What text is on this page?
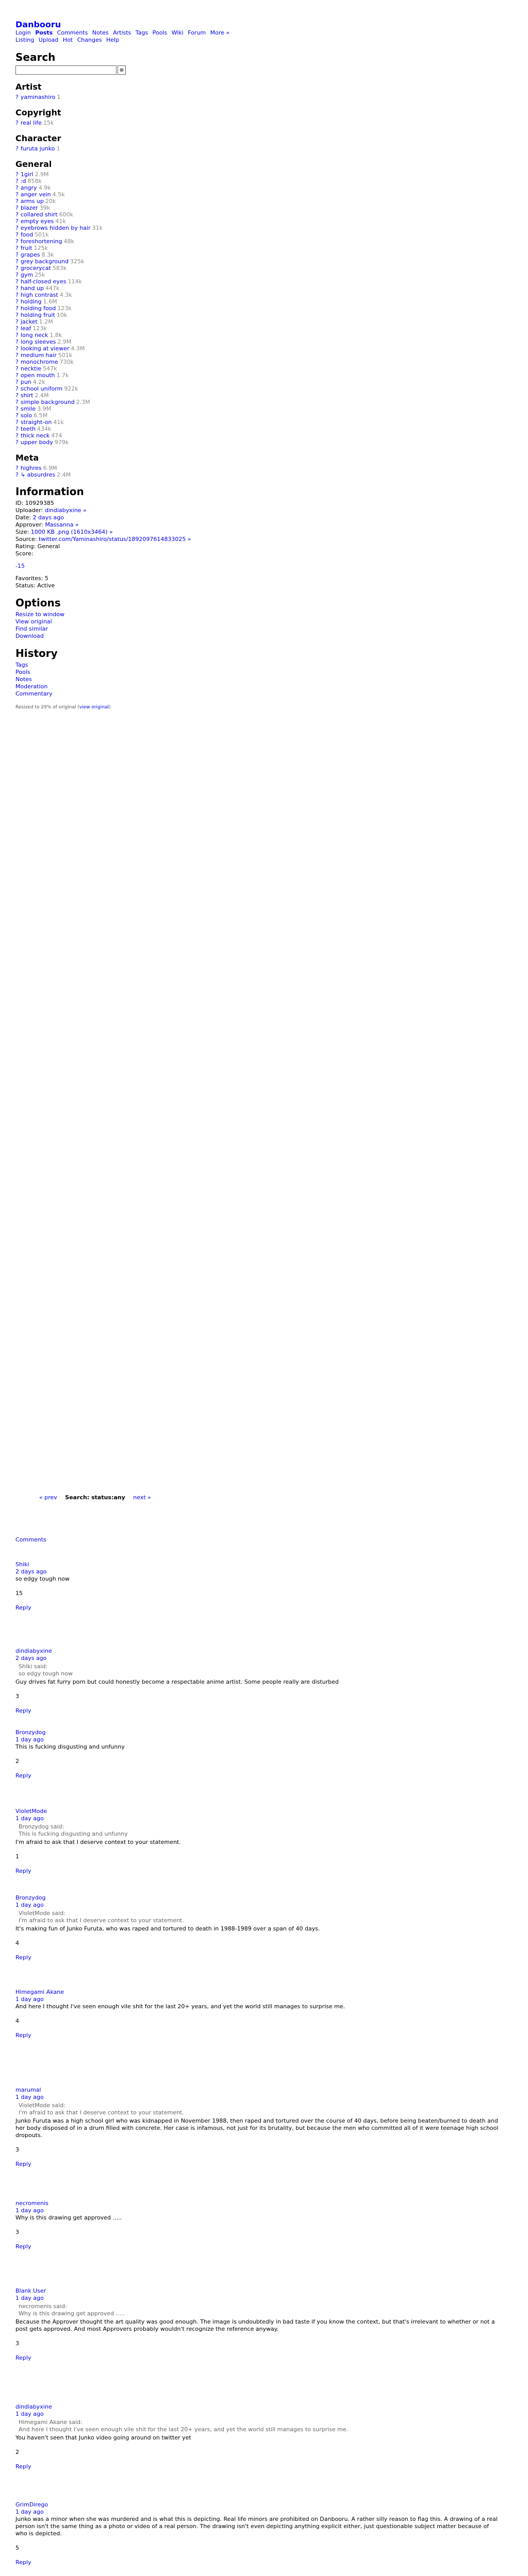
Danbooru
Login Posts Comments Notes Artists Tags Pools Wiki Forum More »
Listing Upload Hot Changes Help
Search
⊕
Artist
? yaminashiro 1
Copyright
? real life 15k
Character
? furuta junko 1
General
? 1girl 2.9M
? :d 858k
? angry 4.9k
? anger vein 4.5k
? arms up 20k
? blazer 39k
? collared shirt 600k
? empty eyes 41k
? eyebrows hidden by hair 31k
? food 501k
? foreshortening 48k
? fruit 125k
? grapes 8.3k
? grey background 325k
? grocerycat 583k
? gym 25k
? half-closed eyes 114k
? hand up 447k
? high contrast 4.3k
? holding 1.6M
? holding food 123k
? holding fruit 10k
? jacket 1.2M
? leaf 123k
? long neck 1.8k
? long sleeves 2.9M
? looking at viewer 4.3M
? medium hair 501k
? monochrome 730k
? necktie 547k
? open mouth 1.7k
? pun 4.2k
? school uniform 922k
? shirt 2.4M
? simple background 2.3M
? smile 3.9M
? solo 6.5M
? straight-on 41k
? teeth 434k
? thick neck 474
? upper body 979k
Meta
? highres 6.9M
? ↳ absurdres 2.4M
Information
ID: 10929385
Uploader: dindiabyxine »
Date: 2 days ago
Approver: Massanna »
Size: 1000 KB .png (1610x3464) »
Source: twitter.com/Yaminashiro/status/1892097614833025 »
Rating: General
Score:
-15
Favorites: 5
Status: Active
Options
Resize to window
View original
Find similar
Download
History
Tags
Pools
Notes
Moderation
Commentary
Resized to 29% of original (view original)
« prev Search: status:any next »
Comments
Shiki
2 days ago
so edgy tough now
15
Reply
dindiabyxine
2 days ago
Shiki said:
so edgy tough now
Guy drives fat furry porn but could honestly become a respectable anime artist. Some people really are disturbed
3
Reply
Bronzydog
1 day ago
This is fucking disgusting and unfunny
2
Reply
VioletMode
1 day ago
Bronzydog said:
This is fucking disgusting and unfunny
I'm afraid to ask that I deserve context to your statement.
1
Reply
Bronzydog
1 day ago
VioletMode said:
I'm afraid to ask that I deserve context to your statement.
It's making fun of Junko Furuta, who was raped and tortured to death in 1988-1989 over a span of 40 days.
4
Reply
Himegami Akane
1 day ago
And here I thought I've seen enough vile shit for the last 20+ years, and yet the world still manages to surprise me.
4
Reply
marumal
1 day ago
VioletMode said:
I'm afraid to ask that I deserve context to your statement.
Junko Furuta was a high school girl who was kidnapped in November 1988, then raped and tortured over the course of 40 days, before being beaten/burned to death and her body disposed of in a drum filled with concrete. Her case is infamous, not just for its brutality, but because the men who committed all of it were teenage high school dropouts.
3
Reply
necromenis
1 day ago
Why is this drawing get approved .....
3
Reply
Blank User
1 day ago
necromenis said:
Why is this drawing get approved .....
Because the Approver thought the art quality was good enough. The image is undoubtedly in bad taste if you know the context, but that's irrelevant to whether or not a post gets approved. And most Approvers probably wouldn't recognize the reference anyway.
3
Reply
dindiabyxine
1 day ago
Himegami Akane said:
And here I thought I've seen enough vile shit for the last 20+ years, and yet the world still manages to surprise me.
You haven't seen that Junko video going around on twitter yet
2
Reply
GrimDirego
1 day ago
Junko was a minor when she was murdered and is what this is depicting. Real life minors are prohibited on Danbooru. A rather silly reason to flag this. A drawing of a real person isn't the same thing as a photo or video of a real person. The drawing isn't even depicting anything explicit either, just questionable subject matter because of who is depicted.
5
Reply
